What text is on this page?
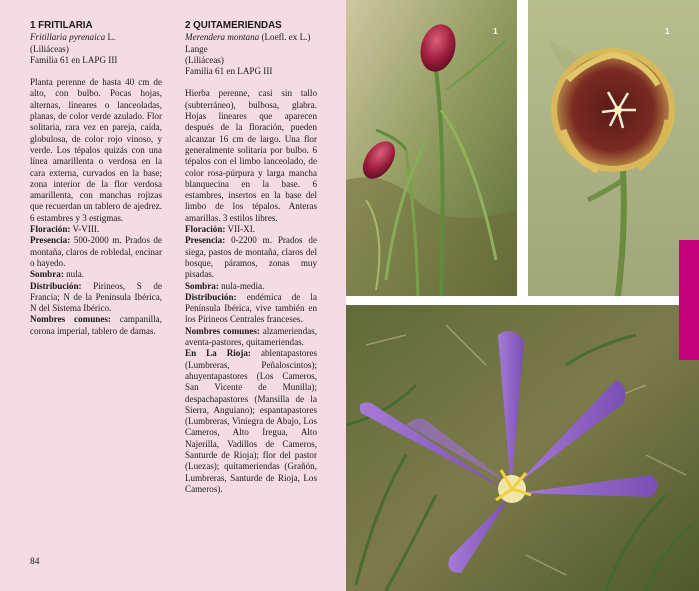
1 FRITILARIA
Fritillaria pyrenaica L.
(Liliáceas)
Familia 61 en LAPG III

Planta perenne de hasta 40 cm de alto, con bulbo. Pocas hojas, alternas, lineares o lanceoladas, planas, de color verde azulado. Flor solitaria, rara vez en pareja, caída, globulosa, de color rojo vinoso, y verde. Los tépalos quizás con una línea amarillenta o verdosa en la cara externa, curvados en la base; zona interior de la flor verdosa amarillenta, con manchas rojizas que recuerdan un tablero de ajedrez. 6 estambres y 3 estigmas.

Floración: V-VIII.

Presencia: 500-2000 m. Prados de montaña, claros de robledal, encinar o hayedo.

Sombra: nula.

Distribución: Pirineos, S de Francia; N de la Península Ibérica, N del Sistema Ibérico.

Nombres comunes: campanilla, corona imperial, tablero de damas.

2 QUITAMERIENDAS
Merendera montana (Loefl. ex L.) Lange
(Liliáceas)
Familia 61 en LAPG III

Hierba perenne, casi sin tallo (subterráneo), bulbosa, glabra. Hojas lineares que aparecen después de la floración, pueden alcanzar 16 cm de largo. Una flor generalmente solitaria por bulbo. 6 tépalos con el limbo lanceolado, de color rosa-púrpura y larga mancha blanquecina en la base. 6 estambres, insertos en la base del limbo de los tépalos. Anteras amarillas. 3 estilos libres.

Floración: VII-XI.

Presencia: 0-2200 m. Prados de siega, pastos de montaña, claros del bosque, páramos, zonas muy pisadas.

Sombra: nula-media.

Distribución: endémica de la Península Ibérica, vive también en los Pirineos Centrales franceses.

Nombres comunes: alzameriendas, aventa-pastores, quitameriendas.

En La Rioja: ablentapastores (Lumbreras, Peñaloscintos); ahuyentapastores (Los Cameros, San Vicente de Munilla); despachapastores (Mansilla de la Sierra, Anguiano); espantapastores (Lumbreras, Viniegra de Abajo, Los Cameros, Alto Iregua, Alto Najerilla, Vadillos de Cameros, Santurde de Rioja); flor del pastor (Luezas); quitameriendas (Grañón, Lumbreras, Santurde de Rioja, Los Cameros).

84
1	1
